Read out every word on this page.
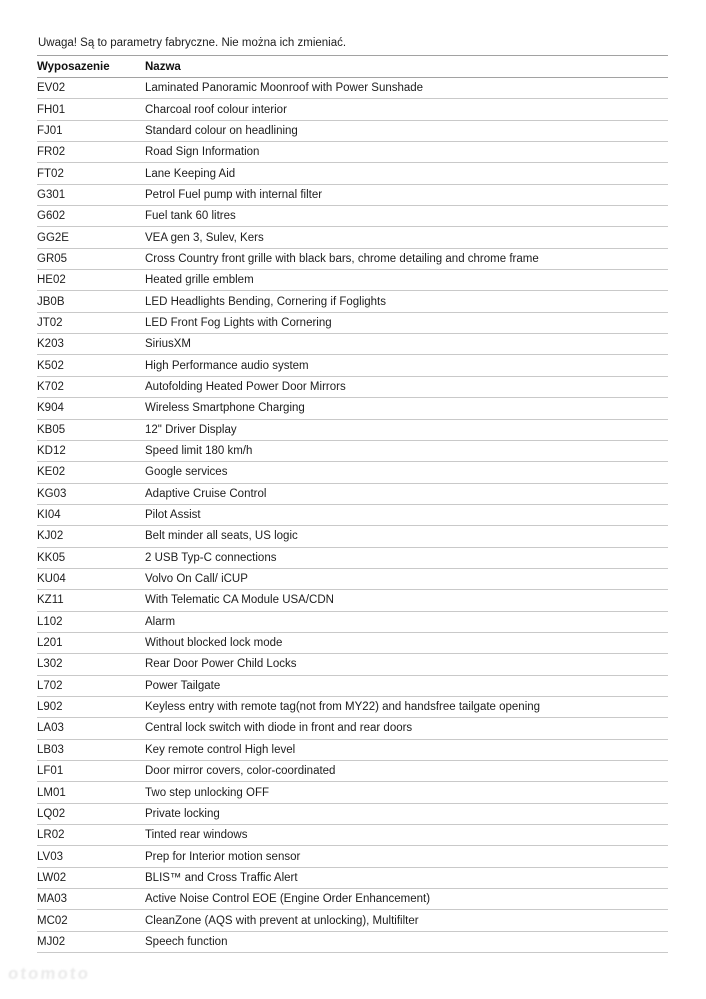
Uwaga! Są to parametry fabryczne. Nie można ich zmieniać.

Wyposazenie	Nazwa
EV02	Laminated Panoramic Moonroof with Power Sunshade
FH01	Charcoal roof colour interior
FJ01	Standard colour on headlining
FR02	Road Sign Information
FT02	Lane Keeping Aid
G301	Petrol Fuel pump with internal filter
G602	Fuel tank 60 litres
GG2E	VEA gen 3, Sulev, Kers
GR05	Cross Country front grille with black bars, chrome detailing and chrome frame
HE02	Heated grille emblem
JB0B	LED Headlights Bending, Cornering if Foglights
JT02	LED Front Fog Lights with Cornering
K203	SiriusXM
K502	High Performance audio system
K702	Autofolding Heated Power Door Mirrors
K904	Wireless Smartphone Charging
KB05	12" Driver Display
KD12	Speed limit 180 km/h
KE02	Google services
KG03	Adaptive Cruise Control
KI04	Pilot Assist
KJ02	Belt minder all seats, US logic
KK05	2 USB Typ-C connections
KU04	Volvo On Call/ iCUP
KZ11	With Telematic CA Module USA/CDN
L102	Alarm
L201	Without blocked lock mode
L302	Rear Door Power Child Locks
L702	Power Tailgate
L902	Keyless entry with remote tag(not from MY22) and handsfree tailgate opening
LA03	Central lock switch with diode in front and rear doors
LB03	Key remote control High level
LF01	Door mirror covers, color-coordinated
LM01	Two step unlocking OFF
LQ02	Private locking
LR02	Tinted rear windows
LV03	Prep for Interior motion sensor
LW02	BLIS™ and Cross Traffic Alert
MA03	Active Noise Control EOE (Engine Order Enhancement)
MC02	CleanZone (AQS with prevent at unlocking), Multifilter
MJ02	Speech function
otomoto
